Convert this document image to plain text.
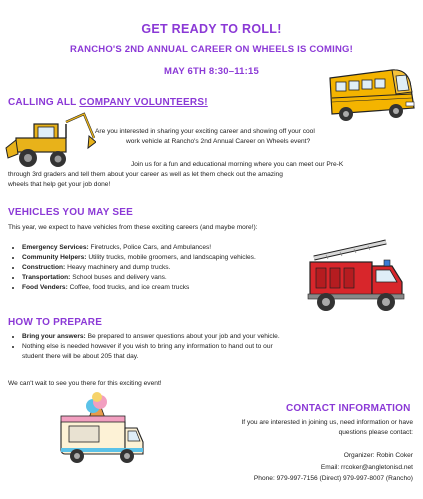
GET READY TO ROLL!
RANCHO'S 2ND ANNUAL CAREER ON WHEELS IS COMING!
MAY 6TH 8:30–11:15
CALLING ALL COMPANY VOLUNTEERS!
Are you interested in sharing your exciting career and showing off your cool
work vehicle at Rancho's 2nd Annual Career on Wheels event?
Join us for a fun and educational morning where you can meet our Pre-K
through 3rd graders and tell them about your career as well as let them check out the amazing
wheels that help get your job done!
VEHICLES YOU MAY SEE
This year, we expect to have vehicles from these exciting careers (and maybe more!):
• Emergency Services: Firetrucks, Police Cars, and Ambulances!
• Community Helpers: Utility trucks, mobile groomers, and landscaping vehicles.
• Construction: Heavy machinery and dump trucks.
• Transportation: School buses and delivery vans.
• Food Venders: Coffee, food trucks, and ice cream trucks
HOW TO PREPARE
• Bring your answers: Be prepared to answer questions about your job and your vehicle.
• Nothing else is needed however if you wish to bring any information to hand out to our
student there will be about 205 that day.
We can't wait to see you there for this exciting event!
CONTACT INFORMATION
If you are interested in joining us, need information or have
questions please contact:
Organizer: Robin Coker
Email: rrcoker@angletonisd.net
Phone: 979-997-7156 (Direct) 979-997-8007 (Rancho)
